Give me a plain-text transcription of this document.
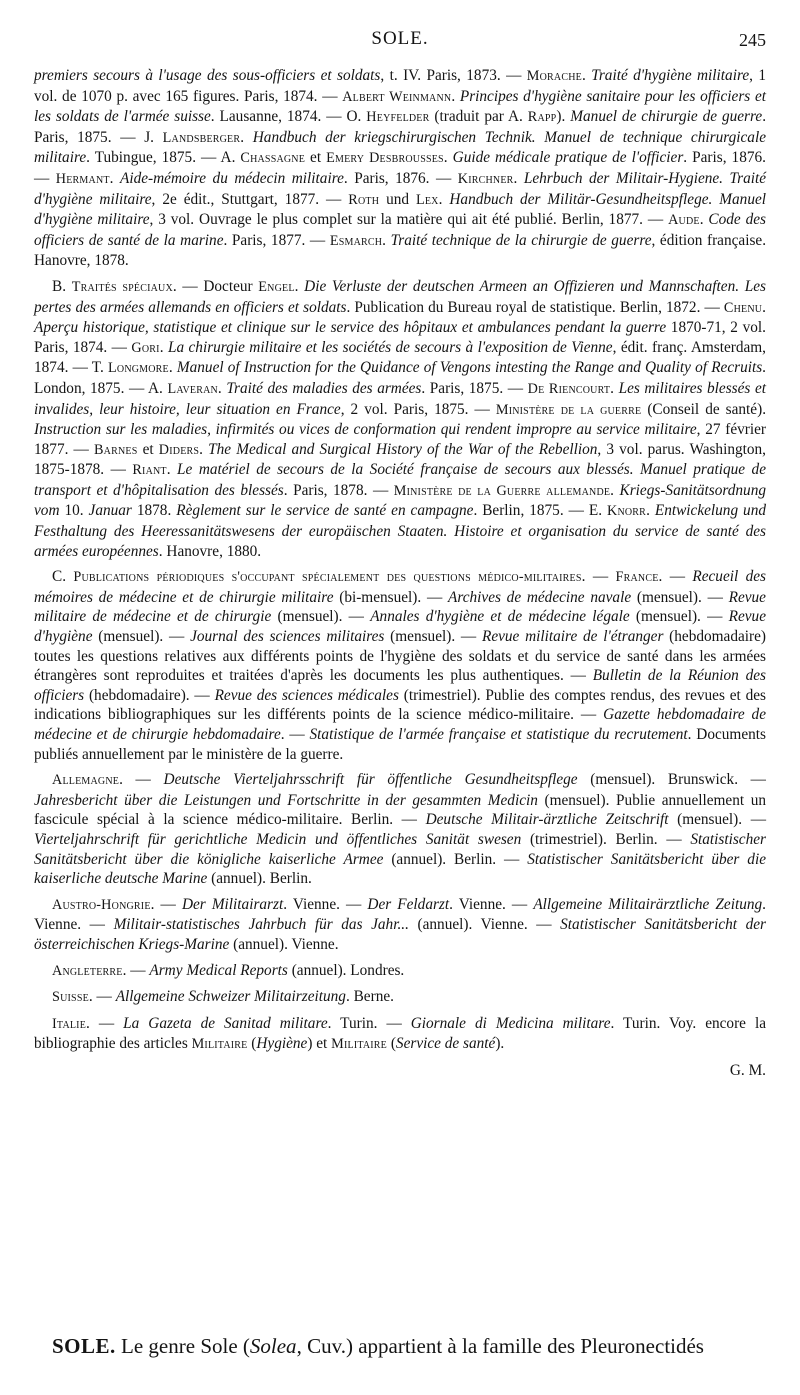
SOLE.	245

premiers secours à l'usage des sous-officiers et soldats, t. IV. Paris, 1873. — Morache. Traité d'hygiène militaire, 1 vol. de 1070 p. avec 165 figures. Paris, 1874. — Albert Weinmann. Principes d'hygiène sanitaire pour les officiers et les soldats de l'armée suisse. Lausanne, 1874. — O. Heyfelder (traduit par A. Rapp). Manuel de chirurgie de guerre. Paris, 1875. — J. Landsberger. Handbuch der kriegschirurgischen Technik. Manuel de technique chirurgicale militaire. Tubingue, 1875. — A. Chassagne et Emery Desbrousses. Guide médicale pratique de l'officier. Paris, 1876. — Hermant. Aide-mémoire du médecin militaire. Paris, 1876. — Kirchner. Lehrbuch der Militair-Hygiene. Traité d'hygiène militaire, 2e édit., Stuttgart, 1877. — Roth und Lex. Handbuch der Militär-Gesundheitspflege. Manuel d'hygiène militaire, 3 vol. Ouvrage le plus complet sur la matière qui ait été publié. Berlin, 1877. — Aude. Code des officiers de santé de la marine. Paris, 1877. — Esmarch. Traité technique de la chirurgie de guerre, édition française. Hanovre, 1878.

B. Traités spéciaux. — Docteur Engel. Die Verluste der deutschen Armeen an Offizieren und Mannschaften. Les pertes des armées allemands en officiers et soldats. Publication du Bureau royal de statistique. Berlin, 1872. — Chenu. Aperçu historique, statistique et clinique sur le service des hôpitaux et ambulances pendant la guerre 1870-71, 2 vol. Paris, 1874. — Gori. La chirurgie militaire et les sociétés de secours à l'exposition de Vienne, édit. franç. Amsterdam, 1874. — T. Longmore. Manuel of Instruction for the Quidance of Vengons intesting the Range and Quality of Recruits. London, 1875. — A. Laveran. Traité des maladies des armées. Paris, 1875. — De Riencourt. Les militaires blessés et invalides, leur histoire, leur situation en France, 2 vol. Paris, 1875. — Ministère de la guerre (Conseil de santé). Instruction sur les maladies, infirmités ou vices de conformation qui rendent impropre au service militaire, 27 février 1877. — Barnes et Diders. The Medical and Surgical History of the War of the Rebellion, 3 vol. parus. Washington, 1875-1878. — Riant. Le matériel de secours de la Société française de secours aux blessés. Manuel pratique de transport et d'hôpitalisation des blessés. Paris, 1878. — Ministère de la Guerre allemande. Kriegs-Sanitätsordnung vom 10. Januar 1878. Règlement sur le service de santé en campagne. Berlin, 1875. — E. Knorr. Entwickelung und Festhaltung des Heeressanitätswesens der europäischen Staaten. Histoire et organisation du service de santé des armées européennes. Hanovre, 1880.

C. Publications périodiques s'occupant spécialement des questions médico-militaires. — France. — Recueil des mémoires de médecine et de chirurgie militaire (bi-mensuel). — Archives de médecine navale (mensuel). — Revue militaire de médecine et de chirurgie (mensuel). — Annales d'hygiène et de médecine légale (mensuel). — Revue d'hygiène (mensuel). — Journal des sciences militaires (mensuel). — Revue militaire de l'étranger (hebdomadaire) toutes les questions relatives aux différents points de l'hygiène des soldats et du service de santé dans les armées étrangères sont reproduites et traitées d'après les documents les plus authentiques. — Bulletin de la Réunion des officiers (hebdomadaire). — Revue des sciences médicales (trimestriel). Publie des comptes rendus, des revues et des indications bibliographiques sur les différents points de la science médico-militaire. — Gazette hebdomadaire de médecine et de chirurgie hebdomadaire. — Statistique de l'armée française et statistique du recrutement. Documents publiés annuellement par le ministère de la guerre.

Allemagne. — Deutsche Vierteljahrsschrift für öffentliche Gesundheitspflege (mensuel). Brunswick. — Jahresbericht über die Leistungen und Fortschritte in der gesammten Medicin (mensuel). Publie annuellement un fascicule spécial à la science médico-militaire. Berlin. — Deutsche Militair-ärztliche Zeitschrift (mensuel). — Vierteljahrschrift für gerichtliche Medicin und öffentliches Sanität swesen (trimestriel). Berlin. — Statistischer Sanitätsbericht über die königliche kaiserliche Armee (annuel). Berlin. — Statistischer Sanitätsbericht über die kaiserliche deutsche Marine (annuel). Berlin.

Austro-Hongrie. — Der Militairarzt. Vienne. — Der Feldarzt. Vienne. — Allgemeine Militairärztliche Zeitung. Vienne. — Militair-statistisches Jahrbuch für das Jahr... (annuel). Vienne. — Statistischer Sanitätsbericht der österreichischen Kriegs-Marine (annuel). Vienne.

Angleterre. — Army Medical Reports (annuel). Londres.

Suisse. — Allgemeine Schweizer Militairzeitung. Berne.

Italie. — La Gazeta de Sanitad militare. Turin. — Giornale di Medicina militare. Turin. Voy. encore la bibliographie des articles Militaire (Hygiène) et Militaire (Service de santé).

G. M.

SOLE. Le genre Sole (Solea, Cuv.) appartient à la famille des Pleuronectidés
